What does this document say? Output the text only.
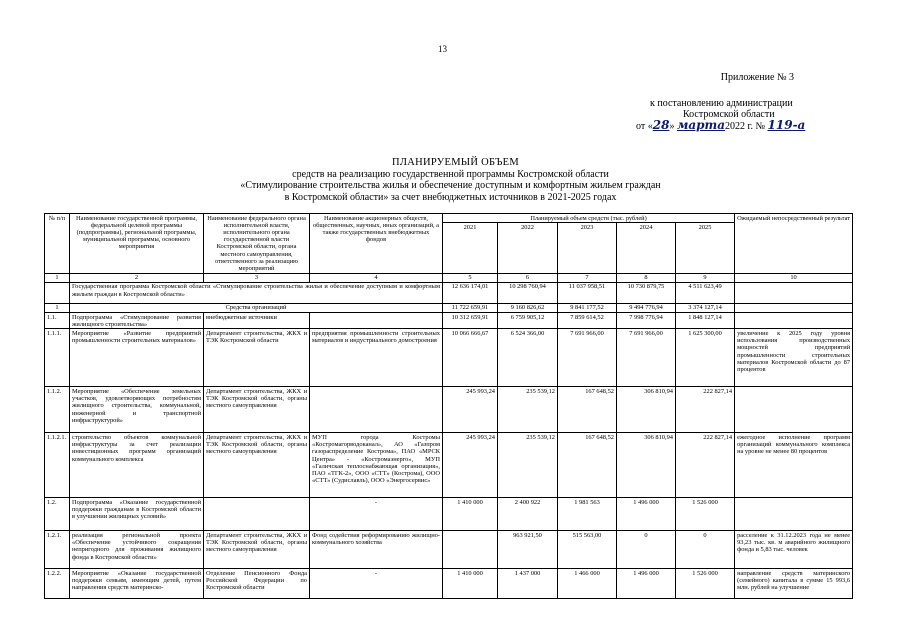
13
Приложение № 3
к постановлению администрации
Костромской области
от «28» марта2022 г. № 119-а
ПЛАНИРУЕМЫЙ ОБЪЕМ
средств на реализацию государственной программы Костромской области
«Стимулирование строительства жилья и обеспечение доступным и комфортным жильем граждан
в Костромской области» за счет внебюджетных источников в 2021-2025 годах
№ п/п	Наименование государственной программы, федеральной целевой программы (подпрограммы), региональной программы, муниципальной программы, основного мероприятия	Наименование федерального органа исполнительной власти, исполнительного органа государственной власти Костромской области, органа местного самоуправления, ответственного за реализацию мероприятий	Наименование акционерных обществ, общественных, научных, иных организаций, а также государственных внебюджетных фондов	Планируемый объем средств (тыс. рублей)					Ожидаемый непосредственный результат
				2021	2022	2023	2024	2025	
1	2	3	4	5	6	7	8	9	10
	Государственная программа Костромской области «Стимулирование строительства жилья и обеспечение доступным и комфортным жильем граждан в Костромской области»			12 636 174,01	10 298 760,94	11 037 958,51	10 730 879,75	4 511 623,49	
1	Средства организаций			11 722 659,91	9 160 826,62	9 841 177,52	9 494 776,94	3 374 127,14	
1.1.	Подпрограмма «Стимулирование развития жилищного строительства»	внебюджетные источники		10 312 659,91	6 759 905,12	7 859 614,52	7 998 776,94	1 848 127,14	
1.1.1.	Мероприятие «Развитие предприятий промышленности строительных материалов»	Департамент строительства, ЖКХ и ТЭК Костромской области	предприятия промышленности строительных материалов и индустриального домостроения	10 066 666,67	6 524 366,00	7 691 966,00	7 691 966,00	1 625 300,00	увеличение к 2025 году уровня использования производственных мощностей предприятий промышленности строительных материалов Костромской области до 87 процентов
1.1.2.	Мероприятие «Обеспечение земельных участков, удовлетворяющих потребностям жилищного строительства, коммунальной, инженерной и транспортной инфраструктурой»	Департамент строительства, ЖКХ и ТЭК Костромской области, органы местного самоуправления		245 993,24	235 539,12	167 648,52	306 810,94	222 827,14	
1.1.2.1.	строительство объектов коммунальной инфраструктуры за счет реализации инвестиционных программ организаций коммунального комплекса	Департамент строительства, ЖКХ и ТЭК Костромской области, органы местного самоуправления	МУП города Костромы «Костромагорводоканал», АО «Газпром газораспределение Кострома», ПАО «МРСК Центра» - «Костромаэнерго», МУП «Галичская теплоснабжающая организация», ПАО «ТГК-2», ООО «СТТ» (Кострома), ООО «СТТ» (Судиславль), ООО «Энергосервис»	245 993,24	235 539,12	167 648,52	306 810,94	222 827,14	ежегодное исполнение программ организаций коммунального комплекса на уровне не менее 80 процентов
1.2.	Подпрограмма «Оказание государственной поддержки гражданам в Костромской области в улучшении жилищных условий»		-	1 410 000	2 400 922	1 981 563	1 496 000	1 526 000	
1.2.1.	реализация региональной проекта «Обеспечение устойчивого сокращения непригодного для проживания жилищного фонда в Костромской области»	Департамент строительства, ЖКХ и ТЭК Костромской области, органы местного самоуправления	Фонд содействия реформированию жилищно-коммунального хозяйства		963 921,50	515 563,00	0	0	расселение к 31.12.2023 года не менее 93,23 тыс. кв. м аварийного жилищного фонда и 5,83 тыс. человек
1.2.2.	Мероприятие «Оказание государственной поддержки семьям, имеющим детей, путем направления средств материнско-	Отделение Пенсионного Фонда Российской Федерации по Костромской области	-	1 410 000	1 437 000	1 466 000	1 496 000	1 526 000	направление средств материнского (семейного) капитала в сумме 15 993,6 млн. рублей на улучшение
